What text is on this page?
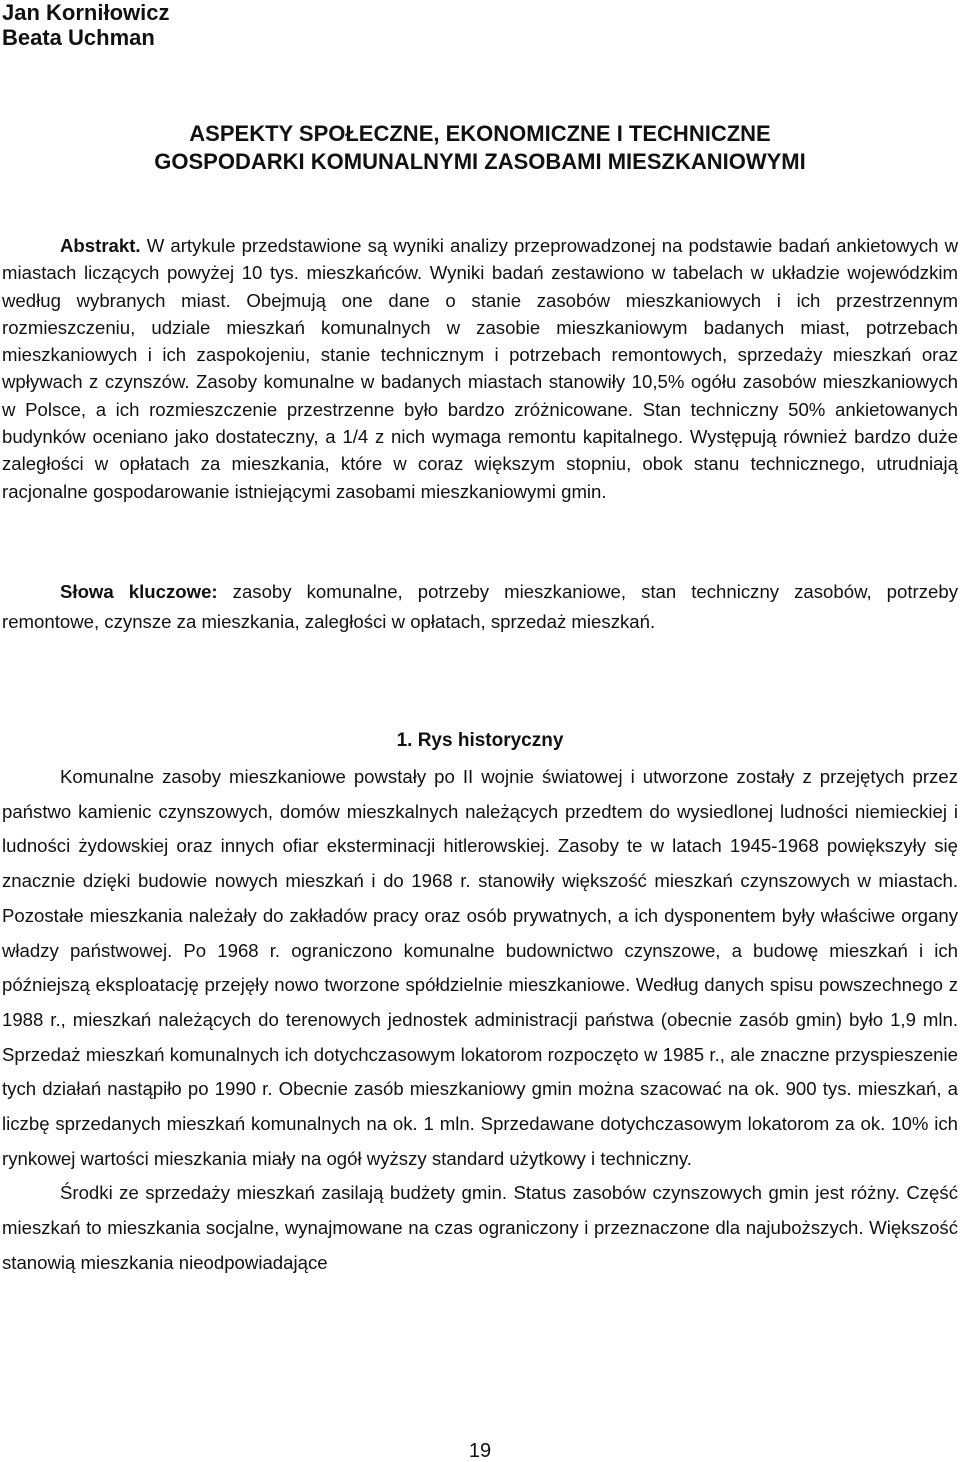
Jan Korniłowicz
Beata Uchman
ASPEKTY SPOŁECZNE, EKONOMICZNE I TECHNICZNE
GOSPODARKI KOMUNALNYMI ZASOBAMI MIESZKANIOWYMI

Abstrakt. W artykule przedstawione są wyniki analizy przeprowadzonej na podstawie badań ankietowych w miastach liczących powyżej 10 tys. mieszkańców. Wyniki badań zestawiono w tabelach w układzie wojewódzkim według wybranych miast. Obejmują one dane o stanie zasobów mieszkaniowych i ich przestrzennym rozmieszczeniu, udziale mieszkań komunalnych w zasobie mieszkaniowym badanych miast, potrzebach mieszkaniowych i ich zaspokojeniu, stanie technicznym i potrzebach remontowych, sprzedaży mieszkań oraz wpływach z czynszów. Zasoby komunalne w badanych miastach stanowiły 10,5% ogółu zasobów mieszkaniowych w Polsce, a ich rozmieszczenie przestrzenne było bardzo zróżnicowane. Stan techniczny 50% ankietowanych budynków oceniano jako dostateczny, a 1/4 z nich wymaga remontu kapitalnego. Występują również bardzo duże zaległości w opłatach za mieszkania, które w coraz większym stopniu, obok stanu technicznego, utrudniają racjonalne gospodarowanie istniejącymi zasobami mieszkaniowymi gmin.

Słowa kluczowe: zasoby komunalne, potrzeby mieszkaniowe, stan techniczny zasobów, potrzeby remontowe, czynsze za mieszkania, zaległości w opłatach, sprzedaż mieszkań.

1. Rys historyczny

Komunalne zasoby mieszkaniowe powstały po II wojnie światowej i utworzone zostały z przejętych przez państwo kamienic czynszowych, domów mieszkalnych należących przedtem do wysiedlonej ludności niemieckiej i ludności żydowskiej oraz innych ofiar eksterminacji hitlerowskiej. Zasoby te w latach 1945-1968 powiększyły się znacznie dzięki budowie nowych mieszkań i do 1968 r. stanowiły większość mieszkań czynszowych w miastach. Pozostałe mieszkania należały do zakładów pracy oraz osób prywatnych, a ich dysponentem były właściwe organy władzy państwowej. Po 1968 r. ograniczono komunalne budownictwo czynszowe, a budowę mieszkań i ich późniejszą eksploatację przejęły nowo tworzone spółdzielnie mieszkaniowe. Według danych spisu powszechnego z 1988 r., mieszkań należących do terenowych jednostek administracji państwa (obecnie zasób gmin) było 1,9 mln. Sprzedaż mieszkań komunalnych ich dotychczasowym lokatorom rozpoczęto w 1985 r., ale znaczne przyspieszenie tych działań nastąpiło po 1990 r. Obecnie zasób mieszkaniowy gmin można szacować na ok. 900 tys. mieszkań, a liczbę sprzedanych mieszkań komunalnych na ok. 1 mln. Sprzedawane dotychczasowym lokatorom za ok. 10% ich rynkowej wartości mieszkania miały na ogół wyższy standard użytkowy i techniczny.

Środki ze sprzedaży mieszkań zasilają budżety gmin. Status zasobów czynszowych gmin jest różny. Część mieszkań to mieszkania socjalne, wynajmowane na czas ograniczony i przeznaczone dla najuboższych. Większość stanowią mieszkania nieodpowiadające

19
